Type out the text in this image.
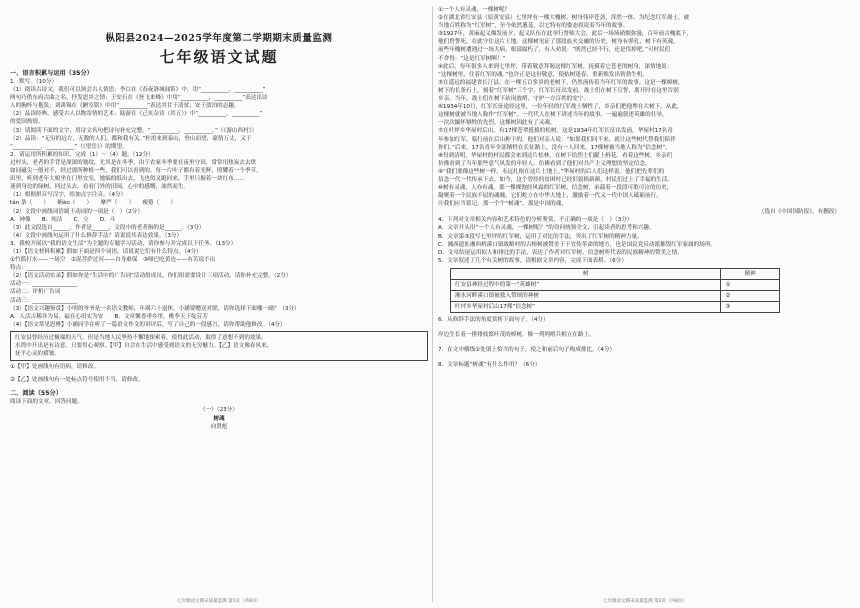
枞阳县2024—2025学年度第二学期期末质量监测
七年级语文试题
一、语言积累与运用（35分）
1．默写。（10分）
（1）阅读古诗文，我们可以领会古人情思：李白在《春夜洛城闻笛》中，用“__________，__________”
两句巧借东府古曲之名，抒发思乡之情；王安石在《登飞来峰》中用“__________，__________”表达出诗
人的胸怀与抱负；刘禹锡在《陋室铭》中用“__________”表达其甘于清贫、安于淡泊的志趣。
（2）品读经典，感受古人以物寄情的艺术：陆游在《己亥杂诗（其五）》中“__________，__________”
的爱国热情。
（3）请阅读下面的文字，用诗文名句把诗句补充完整。“__________，__________。”（《游山西村》）
（2）品读：“无穷的远方，无数的人们，都和我有关。”杜甫来到泰山，登山而望，豪情万丈，又于
“__________，__________”（《望岳》）的期望。
2．请运用所积累的知识，完成（1）～（4）题。（12分）
过村头，老者的手背是深深的皱纹，尤其是在冬季，由于农家冬季要在夜里守田，常常用热炭去去烘
如同磁尖一般对不，经过那所种植一些，我们可以看到的。每一片叶子都有着光辉，照耀着一个季节。
田里，听到老年大娘坐在门里宜室，她编的纸出去，飞也似又跑回来，手里只握着一块红布……
迷到身边的绿树，回过头去，看看门外的田园，心中的感慨，油然而生。
（1）根据拼音写汉字，给加点字注音。（4分）
tán 条（　　）　　娴ào（　　）　　摩严（　　）　　瘦倦（　　）
（2）文段中画线词语属于动词的一项是（　）（2分）
A．神像　　B．纯洁　　C．立　　D．斗
（3）此文段选自______，作者是______，文段中的老者指的是______。（3分）
（4）文段中画线句运用了什么修辞手法？请说说其表达效果。（3分）
3．我校开展以“我的语文生活”为主题的专题学习活动，请你参与并完成以下任务。（13分）
（1）【语文材料积累】假如下面是四个词语，请说说它们有什么特点。（4分）
①竹篮打水——一场空　②泥菩萨过河——自身难保　③哑巴吃黄连——有苦说不出
特点：______________________________
（2）【语文活动实录】假如你是“生活中的广告词”活动组成员，你们组需要设计三项活动，请你补充完整。（2分）
活动一：________________
活动二：评析广告词
活动三：________________
（3）【语文兴趣鉴赏】小明的爷爷是一名语文教师，年满六十退休，小涵要赠送对联，请你选择下面哪一副？（3分）
A．人活古稀非为易，福在心田实为安　　B．文章馨香垂乡里，桃李天下绽芬芳
（4）【语文常见思辨】小涵同学在听了一篇语文作文的讲评后，写了自己的一段感言，请你帮助他修改。（4分）
红安县曾经历过极端的天气，但是当地人民坚持不懈地探索着，使得此活动，取得了意想不到的效果。
水湾中开出是有诗意。只要用心观察。【甲】自会在生活中感受到语文的无穷魅力。【乙】语文像春风来，
抚平心灵的褶皱。
①【甲】处画线句有语病，请修改。
②【乙】处画线句有一处标点符号使用不当，请修改。
二、阅读（55分）
阅读下面的文章，回答问题。
（一）（23分）
树魂
向贤彪
七年级语文期末质量监测 第1页（共8页）
①一个人有灵魂，一棵树呢？
②在湖北省红安县（原黄安县）七里坪有一棵大槐树，树身伟岸苍劲，浑然一体，为纪念红军战士，被
当地百姓称为“红军树”，至今依然葱茏，以它特有的姿态叙说着当年的故事。
③1927年，黄麻起义爆发前夕，起义队伍在此举行誓师大会，此后一场场硝烟弥漫，百年前古槐底下，
他们曾誓死，在此守住这片土地。这棵树见证了那段血火交融的历史，树身有弹孔，树下有英魂。
前些年槐树遭遇过一场大病，根部腐朽了，有人劝说：“既然已经不行，还是伐掉吧。”可村民们
不舍得：“这是红军树啊！”
④此后，每年很多人来到七里坪，带着敬意拜谒这棵红军树，抚摸着它苍老的树身，深情地说：
“这棵树里，住着红军的魂。”也许正是这份敬意，使枯树逢春，重新焕发出勃勃生机。
⑤在遥远的福建省长汀县，在一棵五百多岁的老树下，仍然流传着当年红军的故事。这是一棵樟树，
树下的长条石上，刻着“红军树”三个字，红军长征出发前，战士们在树下宣誓，离开时在这里告别
乡亲。当年，战士们在树下站岗放哨，守护一方百姓的安宁。
⑥1934年10月，红军长征途经这里，一位年轻的红军战士牺牲了，乡亲们把他埋在大树下，从此，
这棵树就被当地人称作“红军树”。一代代人在树下讲述当年的故事，一遍遍叙述英雄的壮举，
一次次缅怀牺牲的先烈，这棵树因此有了灵魂。
⑦在叶坪乡华屋村后山，有17棵苍翠挺拔的松树，这是1934年红军长征出发前，华屋村17名青
年参加红军，临行前在后山种下的。他们对亲人说：“如果我们回不来，就让这些树代替我们陪伴
你们。”后来，17名青年全部牺牲在长征路上，没有一人回来。17棵树被当地人称为“信念树”。
⑧每到清明，华屋村的村民都会来到这片松林，在树下给烈士们献上鲜花。看着这些树，乡亲们
仿佛看到了当年那些意气风发的年轻人，仿佛看到了他们对共产主义理想的坚定信念。
⑨“我们要像这些树一样，永远扎根在这片土地上。”华屋村的后人们这样说。他们把先辈们的
信念一代一代传承下去，如今，这个曾经的贫困村已经旧貌换新颜，村民们过上了幸福的生活。
⑩树有灵魂，人亦有魂。那一棵棵饱经风霜的红军树、信念树，承载着一段段可歌可泣的历史，
凝聚着一个民族不屈的魂魄。它们屹立在中华大地上，激励着一代又一代中国人砥砺前行。
⑪我们应当铭记，那一个个“树魂”，那是中国的魂。
（选自《中国国防报》，有删改）
4．下列对文章相关内容和艺术特色的分析鉴赏，不正确的一项是（　）（3分）
A．文章开头用“一个人有灵魂，一棵树呢？”的设问统领全文，引起读者的思考和兴趣。
B．文章第③段写七里坪的红军树，运用了对比的手法，突出了红军树的精神力量。
C．湘西遗址湘西桥溪口镇战略村的古榕树被赞美于下宜传革命的地方，也是国民党反动派摧毁红军家属的场所。
D．文章结尾运用拟人和排比的手法，表达了作者对红军树、信念树所代表的民族精神的赞美之情。
5．文章叙述了几个有关树的故事，请根据文章内容，完成下面表格。（6分）
树	精神
红安县神经过程中的第一“英雄树”	①
湘水河畔溪口镇被救入赞颂的神树	②
叶坪乡华屋村后山17棵“信念树”	③
6．从修辞手法的角度赏析下面句子。（4分）
岸边生长着一排排枝繁叶茂的棹树，像一列列哨兵相立在路上。
7．在文中横线①处填上恰当的句子，使之和前后句子构成排比。（4分）
8．文章标题“树魂”有什么作用？（6分）
七年级语文期末质量监测 第2页（共8页）
